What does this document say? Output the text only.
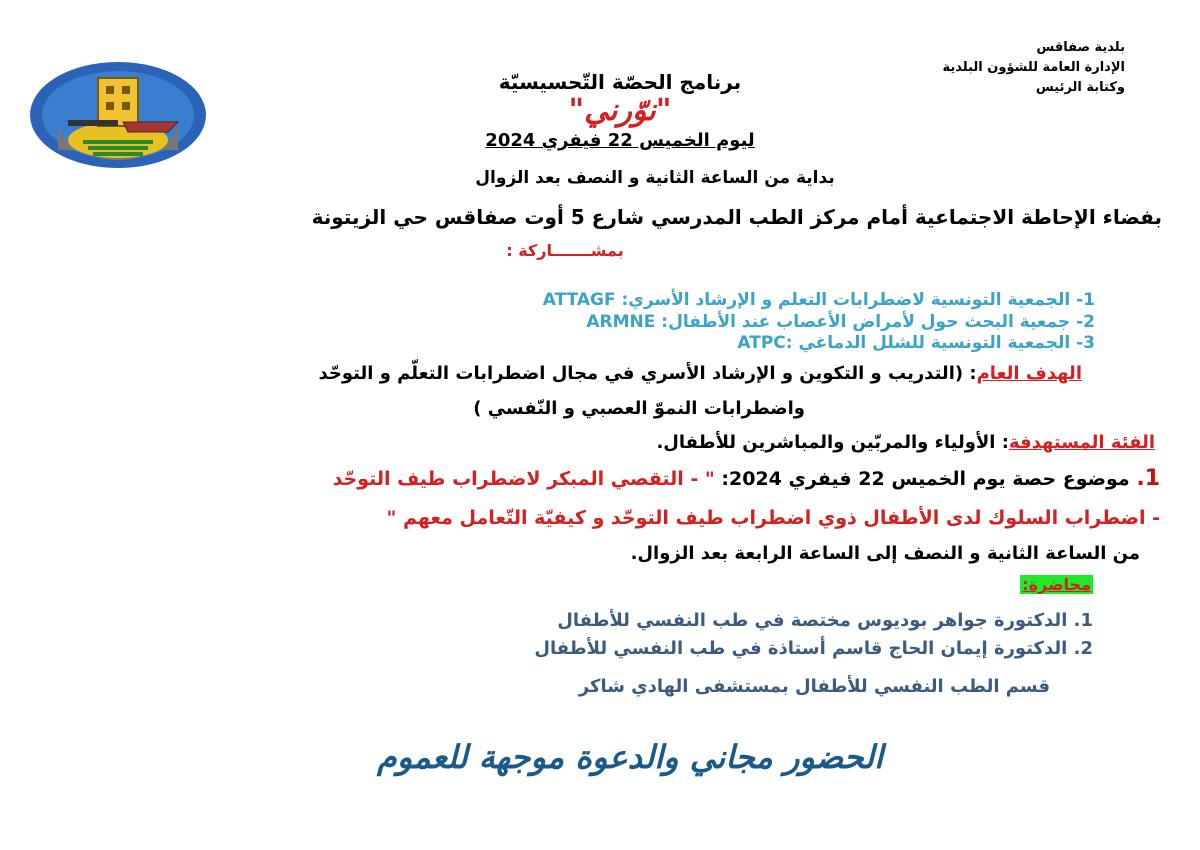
بلدية صفاقس
الإدارة العامة للشؤون البلدية
وكتابة الرئيس
برنامج الحصّة التّحسيسيّة
"نوّرني"
ليوم الخميس 22 فيفري 2024
بداية من الساعة الثانية و النصف بعد الزوال
بفضاء الإحاطة الاجتماعية أمام مركز الطب المدرسي شارع 5 أوت صفاقس حي الزيتونة
بمشـــــــاركة :
1- الجمعية التونسية لاضطرابات التعلم و الإرشاد الأسري: ATTAGF
2- جمعية البحث حول لأمراض الأعصاب عند الأطفال: ARMNE
3- الجمعية التونسية للشلل الدماغي :ATPC
الهدف العام: (التدريب و التكوين و الإرشاد الأسري في مجال اضطرابات التعلّم و التوحّد
واضطرابات النموّ العصبي و النّفسي )
الفئة المستهدفة: الأولياء والمربّين والمباشرين للأطفال.
1. موضوع حصة يوم الخميس 22 فيفري 2024: " - التقصي المبكر لاضطراب طيف التوحّد
- اضطراب السلوك لدى الأطفال ذوي اضطراب طيف التوحّد و كيفيّة التّعامل معهم "
من الساعة الثانية و النصف إلى الساعة الرابعة بعد الزوال.
محاضرة:
1. الدكتورة جواهر بوديوس مختصة في طب النفسي للأطفال
2. الدكتورة إيمان الحاج قاسم أستاذة في طب النفسي للأطفال
قسم الطب النفسي للأطفال بمستشفى الهادي شاكر
الحضور مجاني والدعوة موجهة للعموم
